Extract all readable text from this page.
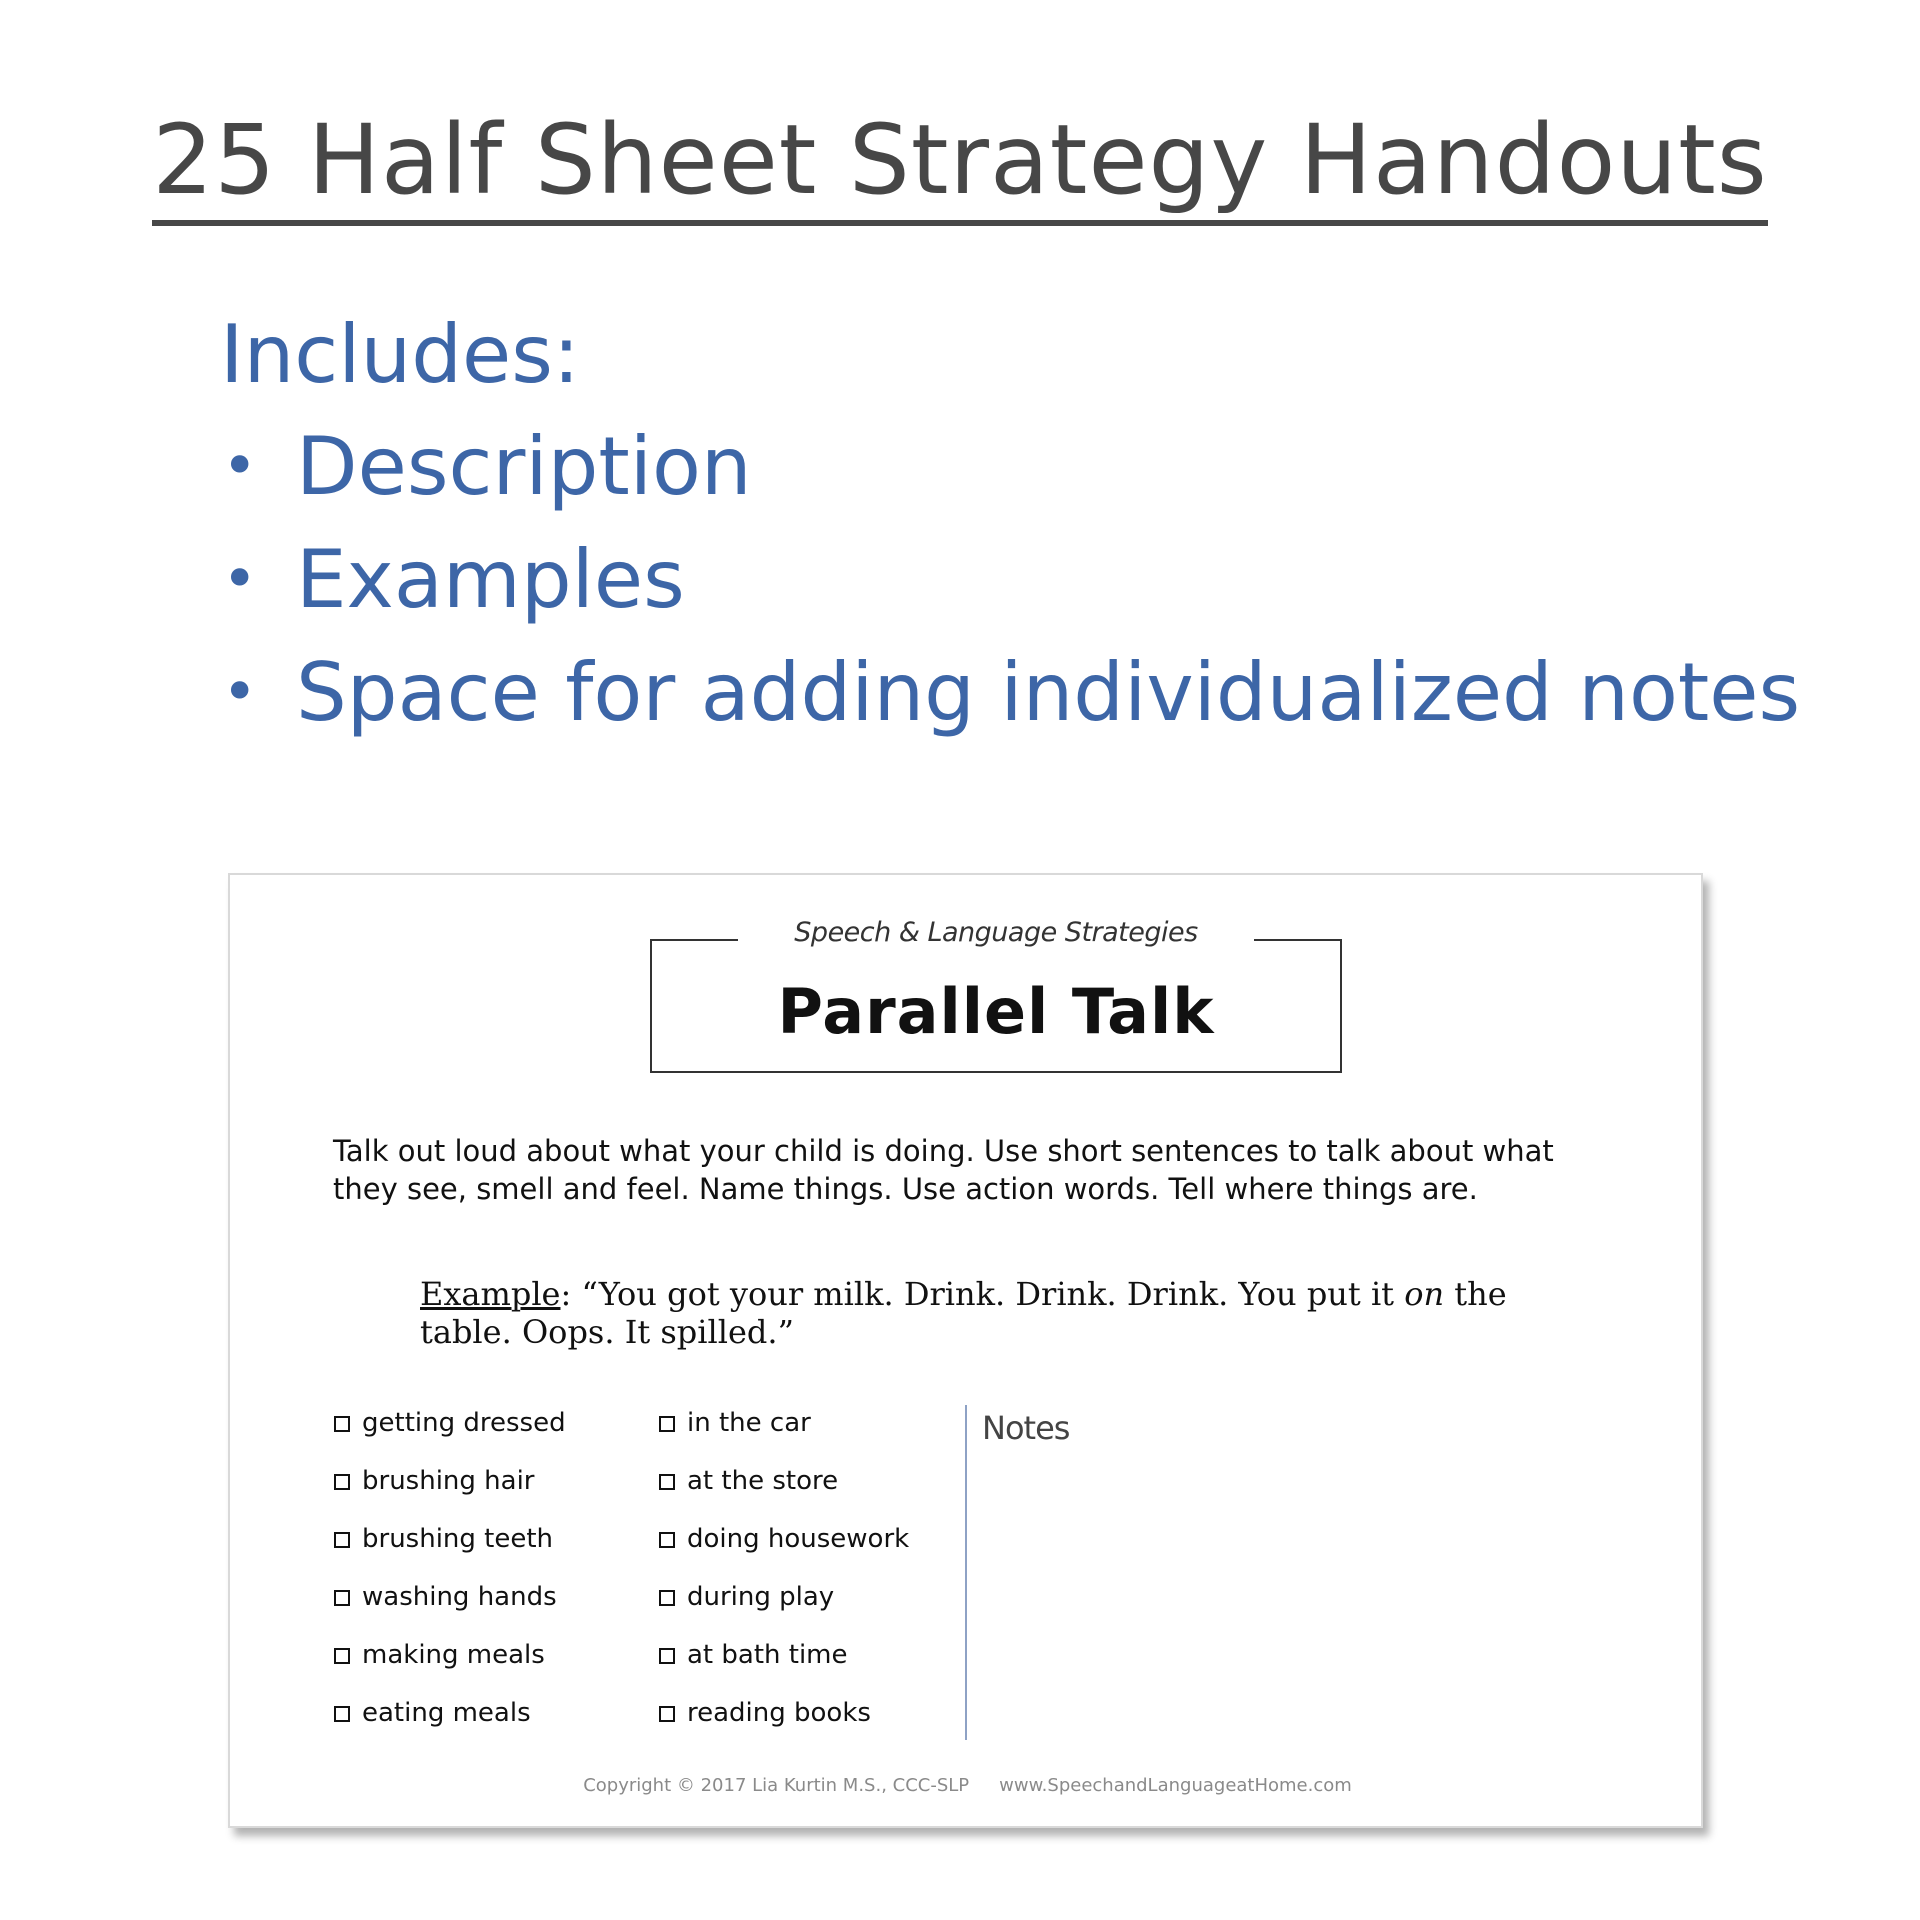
25 Half Sheet Strategy Handouts

Includes:

• Description
• Examples
• Space for adding individualized notes
Speech & Language Strategies
Parallel Talk

Talk out loud about what your child is doing. Use short sentences to talk about what they see, smell and feel. Name things. Use action words. Tell where things are.

Example: “You got your milk. Drink. Drink. Drink. You put it on the table. Oops. It spilled.”

getting dressed
brushing hair
brushing teeth
washing hands
making meals
eating meals
in the car
at the store
doing housework
during play
at bath time
reading books
Notes
Copyright © 2017 Lia Kurtin M.S., CCC-SLP www.SpeechandLanguageatHome.com
